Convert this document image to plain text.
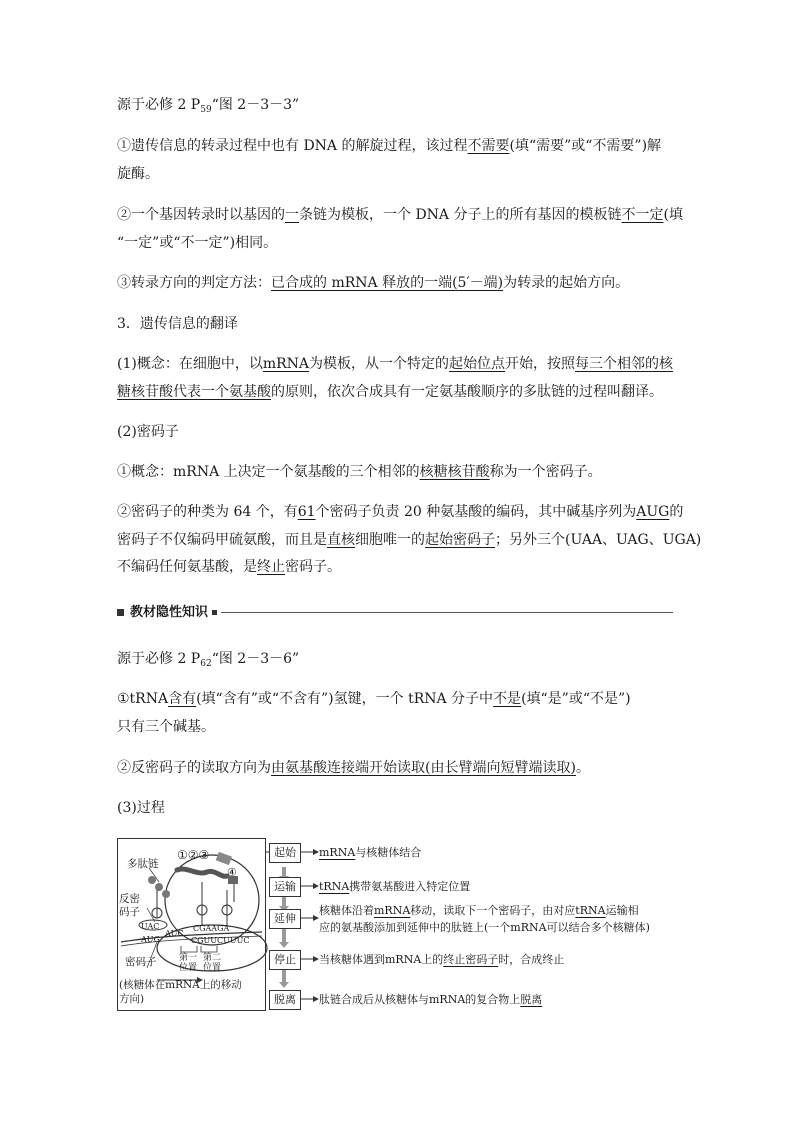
源于必修 2 $P_{59}“$图 2－3－3”
①遗传信息的转录过程中也有 DNA 的解旋过程，该过程不需要(填“需要”或“不需要”)解
旋酶。
②一个基因转录时以基因的一条链为模板，一个 DNA 分子上的所有基因的模板链不一定(填
“一定”或“不一定”)相同。
③转录方向的判定方法：已合成的 mRNA 释放的一端(5′－端)为转录的起始方向。
3．遗传信息的翻译
(1)概念：在细胞中，以mRNA为模板，从一个特定的起始位点开始，按照每三个相邻的核
糖核苷酸代表一个氨基酸的原则，依次合成具有一定氨基酸顺序的多肽链的过程叫翻译。
(2)密码子
①概念：mRNA 上决定一个氨基酸的三个相邻的核糖核苷酸称为一个密码子。
②密码子的种类为 64 个，有61个密码子负责 20 种氨基酸的编码，其中碱基序列为AUG的
密码子不仅编码甲硫氨酸，而且是直核细胞唯一的起始密码子；另外三个(UAA、UAG、UGA)
不编码任何氨基酸，是终止密码子。
教材隐性知识
源于必修 2 $P_{62}“$图 2－3－6”
①tRNA含有(填“含有”或“不含有”)氢键，一个 tRNA 分子中不是(填“是”或“不是”)
只有三个碱基。
②反密码子的读取方向为由氨基酸连接端开始读取(由长臂端向短臂端读取)。
(3)过程
多肽链
①②③
④
反密
码子
UAC
AUG
AUC
CGAAGA
CGUUCUUUC
密码子	第一 第二
位置 位置
(核糖体在mRNA上的移动
方向)
起始
运输
延伸
停止
脱离
mRNA与核糖体结合
tRNA携带氨基酸进入特定位置
核糖体沿着mRNA移动，读取下一个密码子，由对应tRNA运输相
应的氨基酸添加到延伸中的肽链上(一个mRNA可以结合多个核糖体)
当核糖体遇到mRNA上的终止密码子时，合成终止
肽链合成后从核糖体与mRNA的复合物上脱离
